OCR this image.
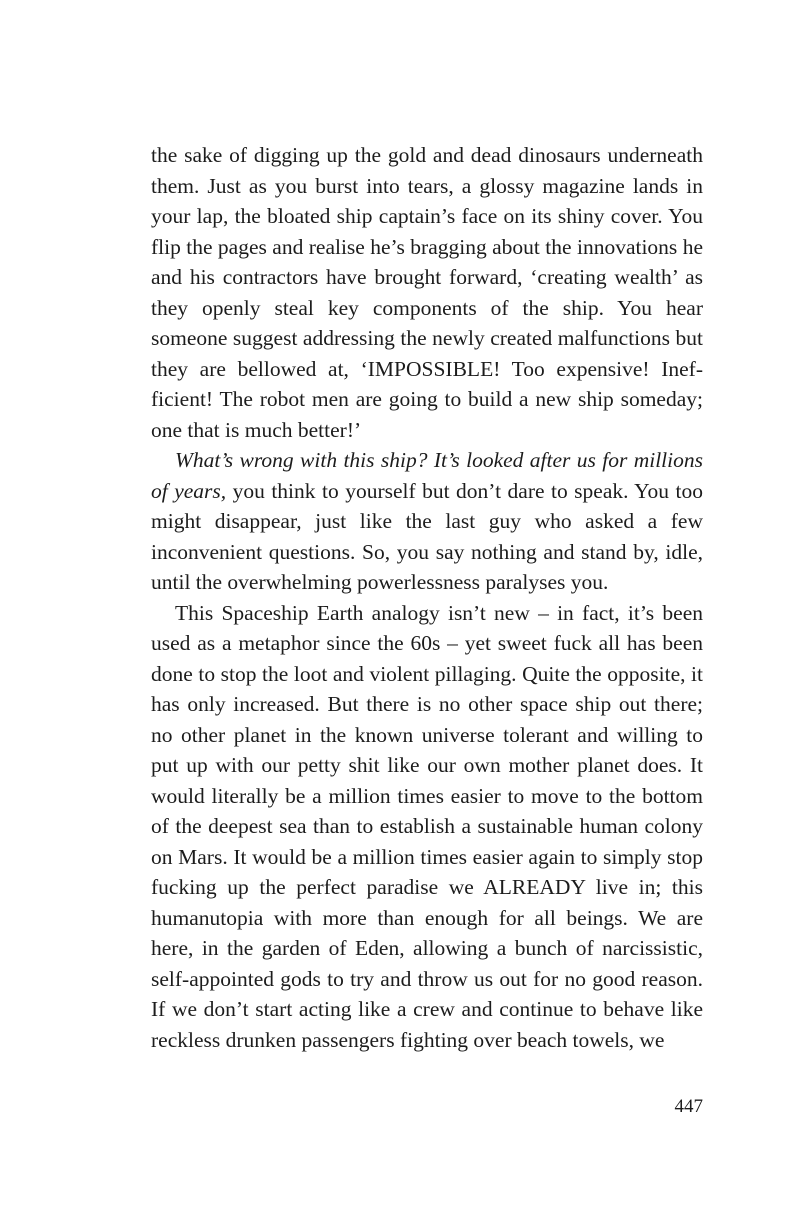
the sake of digging up the gold and dead dinosaurs underneath them. Just as you burst into tears, a glossy magazine lands in your lap, the bloated ship captain’s face on its shiny cover. You flip the pages and realise he’s bragging about the innovations he and his contractors have brought forward, ‘creating wealth’ as they openly steal key components of the ship. You hear someone suggest addressing the newly created malfunctions but they are bellowed at, ‘IMPOSSIBLE! Too expensive! Inefficient! The robot men are going to build a new ship someday; one that is much better!’

What’s wrong with this ship? It’s looked after us for millions of years, you think to yourself but don’t dare to speak. You too might disappear, just like the last guy who asked a few inconvenient questions. So, you say nothing and stand by, idle, until the overwhelming powerlessness paralyses you.

This Spaceship Earth analogy isn’t new – in fact, it’s been used as a metaphor since the 60s – yet sweet fuck all has been done to stop the loot and violent pillaging. Quite the opposite, it has only increased. But there is no other space ship out there; no other planet in the known universe tolerant and willing to put up with our petty shit like our own mother planet does. It would literally be a million times easier to move to the bottom of the deepest sea than to establish a sustainable human colony on Mars. It would be a million times easier again to simply stop fucking up the perfect paradise we ALREADY live in; this humanutopia with more than enough for all beings. We are here, in the garden of Eden, allowing a bunch of narcissistic, self-appointed gods to try and throw us out for no good reason. If we don’t start acting like a crew and continue to behave like reckless drunken passengers fighting over beach towels, we

447
